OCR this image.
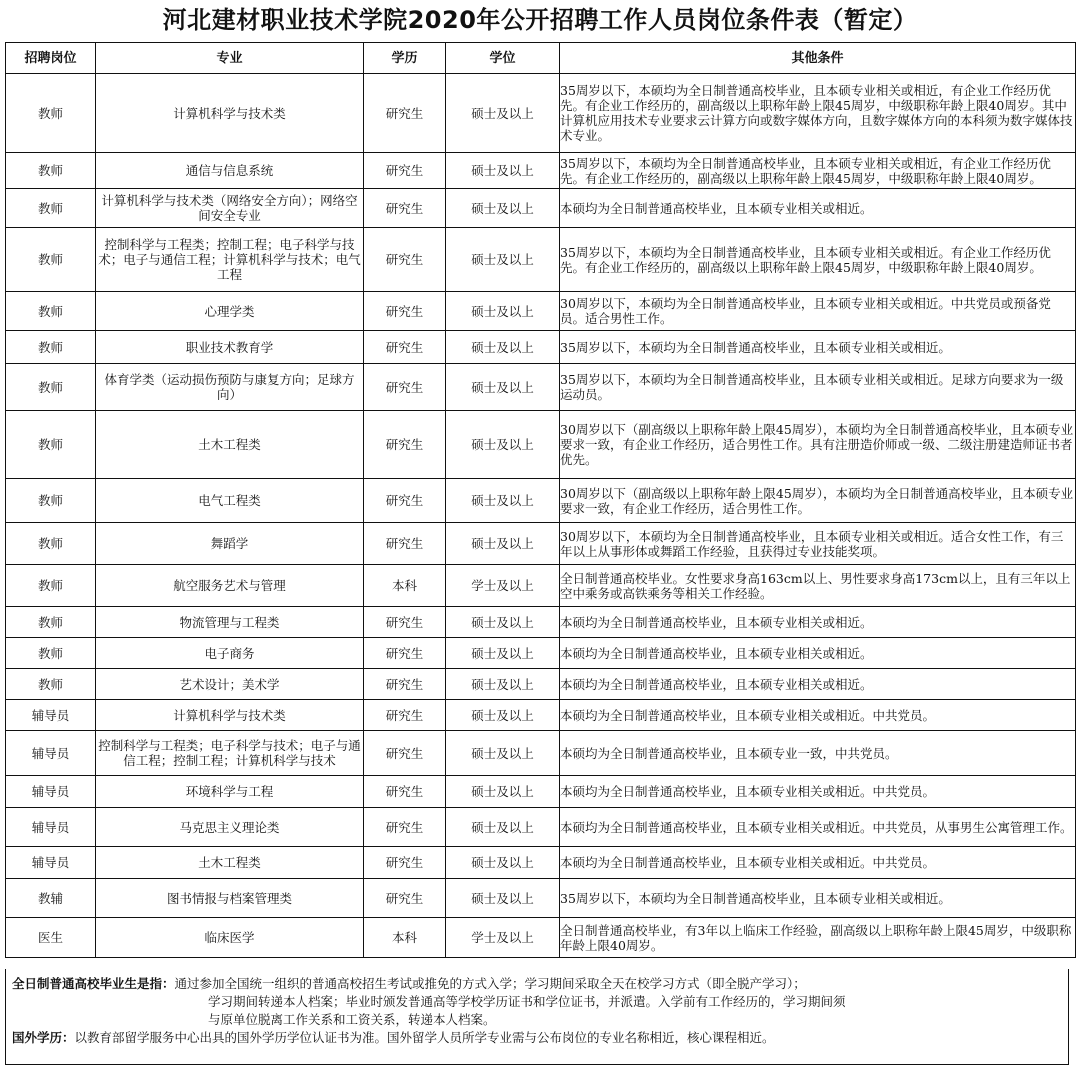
河北建材职业技术学院2020年公开招聘工作人员岗位条件表（暂定）
招聘岗位	专业	学历	学位	其他条件
教师	计算机科学与技术类	研究生	硕士及以上	35周岁以下，本硕均为全日制普通高校毕业，且本硕专业相关或相近，有企业工作经历优先。有企业工作经历的，副高级以上职称年龄上限45周岁，中级职称年龄上限40周岁。其中计算机应用技术专业要求云计算方向或数字媒体方向，且数字媒体方向的本科须为数字媒体技术专业。
教师	通信与信息系统	研究生	硕士及以上	35周岁以下，本硕均为全日制普通高校毕业，且本硕专业相关或相近，有企业工作经历优先。有企业工作经历的，副高级以上职称年龄上限45周岁，中级职称年龄上限40周岁。
教师	计算机科学与技术类（网络安全方向）；网络空间安全专业	研究生	硕士及以上	本硕均为全日制普通高校毕业，且本硕专业相关或相近。
教师	控制科学与工程类；控制工程；电子科学与技术；电子与通信工程；计算机科学与技术；电气工程	研究生	硕士及以上	35周岁以下，本硕均为全日制普通高校毕业，且本硕专业相关或相近。有企业工作经历优先。有企业工作经历的，副高级以上职称年龄上限45周岁，中级职称年龄上限40周岁。
教师	心理学类	研究生	硕士及以上	30周岁以下，本硕均为全日制普通高校毕业，且本硕专业相关或相近。中共党员或预备党员。适合男性工作。
教师	职业技术教育学	研究生	硕士及以上	35周岁以下，本硕均为全日制普通高校毕业，且本硕专业相关或相近。
教师	体育学类（运动损伤预防与康复方向；足球方向）	研究生	硕士及以上	35周岁以下，本硕均为全日制普通高校毕业，且本硕专业相关或相近。足球方向要求为一级运动员。
教师	土木工程类	研究生	硕士及以上	30周岁以下（副高级以上职称年龄上限45周岁），本硕均为全日制普通高校毕业，且本硕专业要求一致，有企业工作经历，适合男性工作。具有注册造价师或一级、二级注册建造师证书者优先。
教师	电气工程类	研究生	硕士及以上	30周岁以下（副高级以上职称年龄上限45周岁），本硕均为全日制普通高校毕业，且本硕专业要求一致，有企业工作经历，适合男性工作。
教师	舞蹈学	研究生	硕士及以上	30周岁以下，本硕均为全日制普通高校毕业，且本硕专业相关或相近。适合女性工作，有三年以上从事形体或舞蹈工作经验，且获得过专业技能奖项。
教师	航空服务艺术与管理	本科	学士及以上	全日制普通高校毕业。女性要求身高163cm以上、男性要求身高173cm以上，且有三年以上空中乘务或高铁乘务等相关工作经验。
教师	物流管理与工程类	研究生	硕士及以上	本硕均为全日制普通高校毕业，且本硕专业相关或相近。
教师	电子商务	研究生	硕士及以上	本硕均为全日制普通高校毕业，且本硕专业相关或相近。
教师	艺术设计；美术学	研究生	硕士及以上	本硕均为全日制普通高校毕业，且本硕专业相关或相近。
辅导员	计算机科学与技术类	研究生	硕士及以上	本硕均为全日制普通高校毕业，且本硕专业相关或相近。中共党员。
辅导员	控制科学与工程类；电子科学与技术；电子与通信工程；控制工程；计算机科学与技术	研究生	硕士及以上	本硕均为全日制普通高校毕业，且本硕专业一致，中共党员。
辅导员	环境科学与工程	研究生	硕士及以上	本硕均为全日制普通高校毕业，且本硕专业相关或相近。中共党员。
辅导员	马克思主义理论类	研究生	硕士及以上	本硕均为全日制普通高校毕业，且本硕专业相关或相近。中共党员，从事男生公寓管理工作。
辅导员	土木工程类	研究生	硕士及以上	本硕均为全日制普通高校毕业，且本硕专业相关或相近。中共党员。
教辅	图书情报与档案管理类	研究生	硕士及以上	35周岁以下，本硕均为全日制普通高校毕业，且本硕专业相关或相近。
医生	临床医学	本科	学士及以上	全日制普通高校毕业，有3年以上临床工作经验，副高级以上职称年龄上限45周岁，中级职称年龄上限40周岁。
全日制普通高校毕业生是指：通过参加全国统一组织的普通高校招生考试或推免的方式入学；学习期间采取全天在校学习方式（即全脱产学习）；
学习期间转递本人档案；毕业时颁发普通高等学校学历证书和学位证书，并派遣。入学前有工作经历的，学习期间须
与原单位脱离工作关系和工资关系，转递本人档案。
国外学历：以教育部留学服务中心出具的国外学历学位认证书为准。国外留学人员所学专业需与公布岗位的专业名称相近，核心课程相近。
